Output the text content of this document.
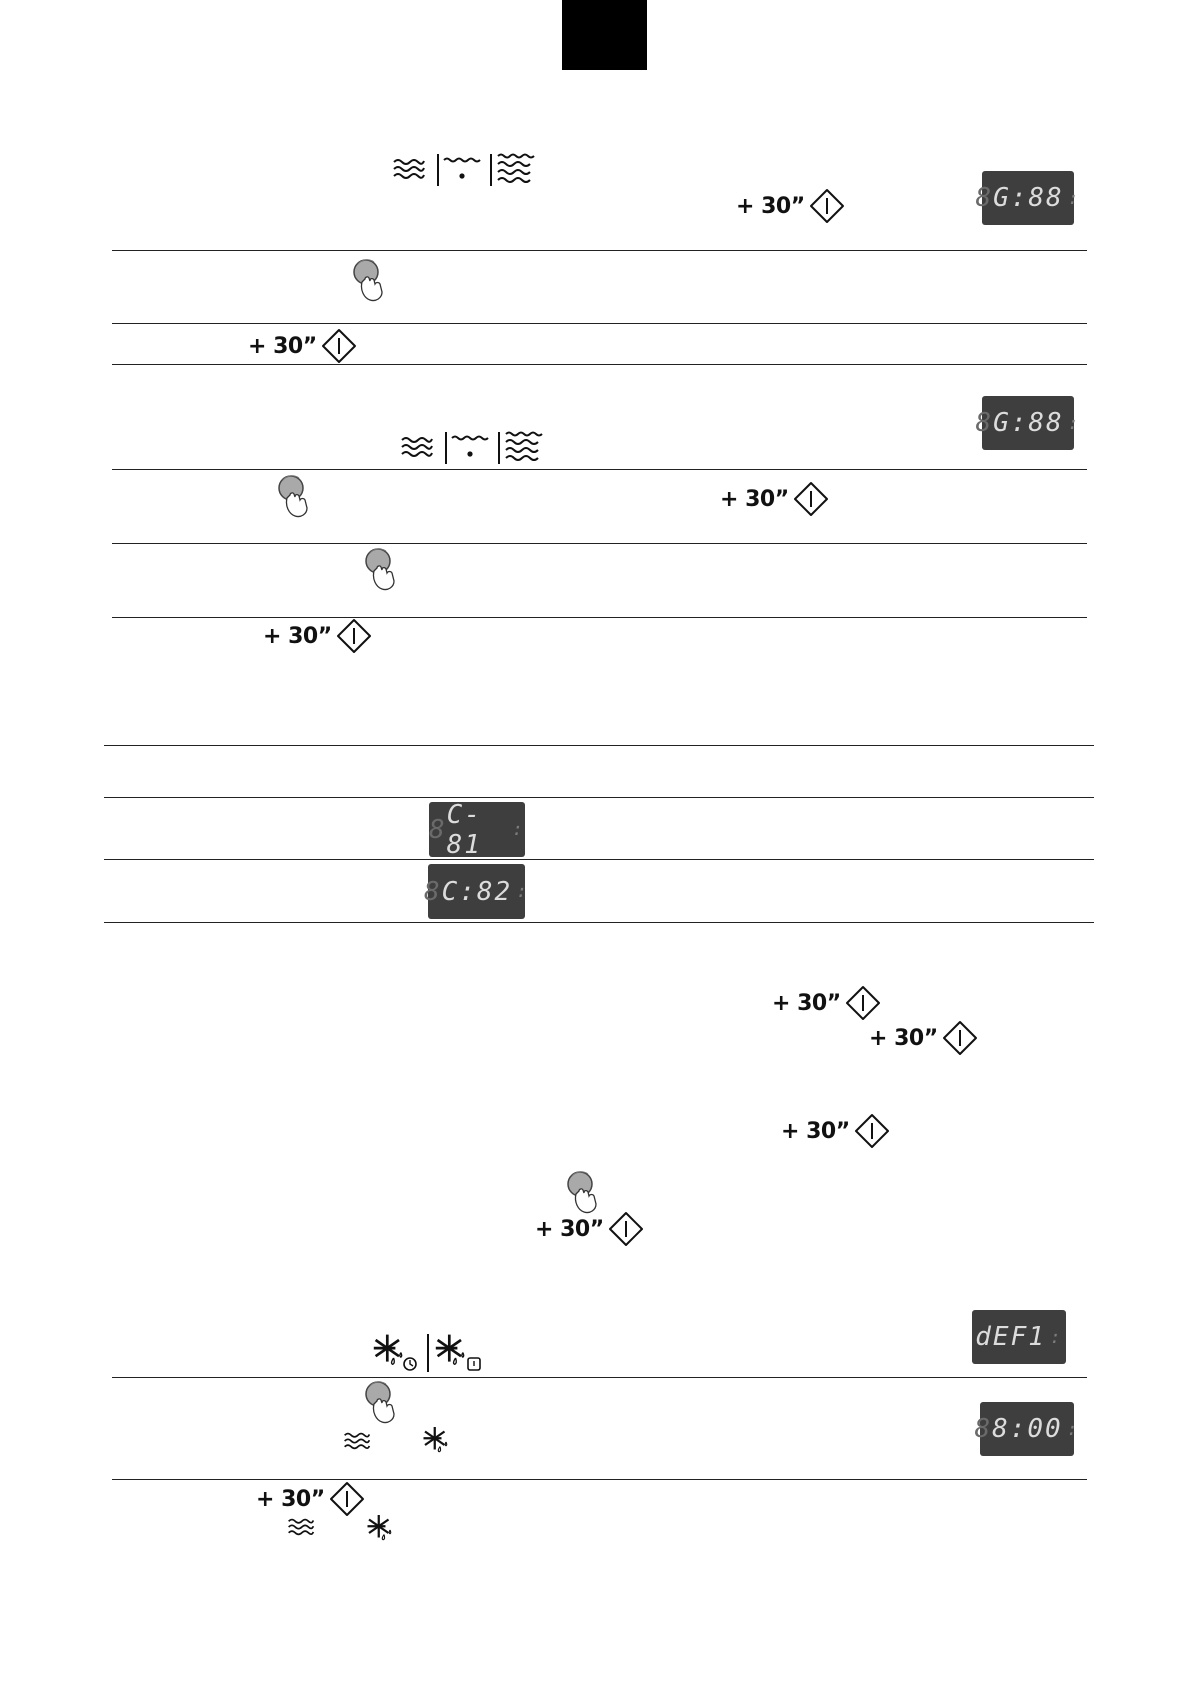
+ 30”	8 G:88 :
+ 30”
8 G:88 :
+ 30”
+ 30”
8 C-81	:
8 C:82 :
+ 30”
+ 30”
+ 30”
+ 30”
dEF1 :
8 8:00 :
+ 30”
